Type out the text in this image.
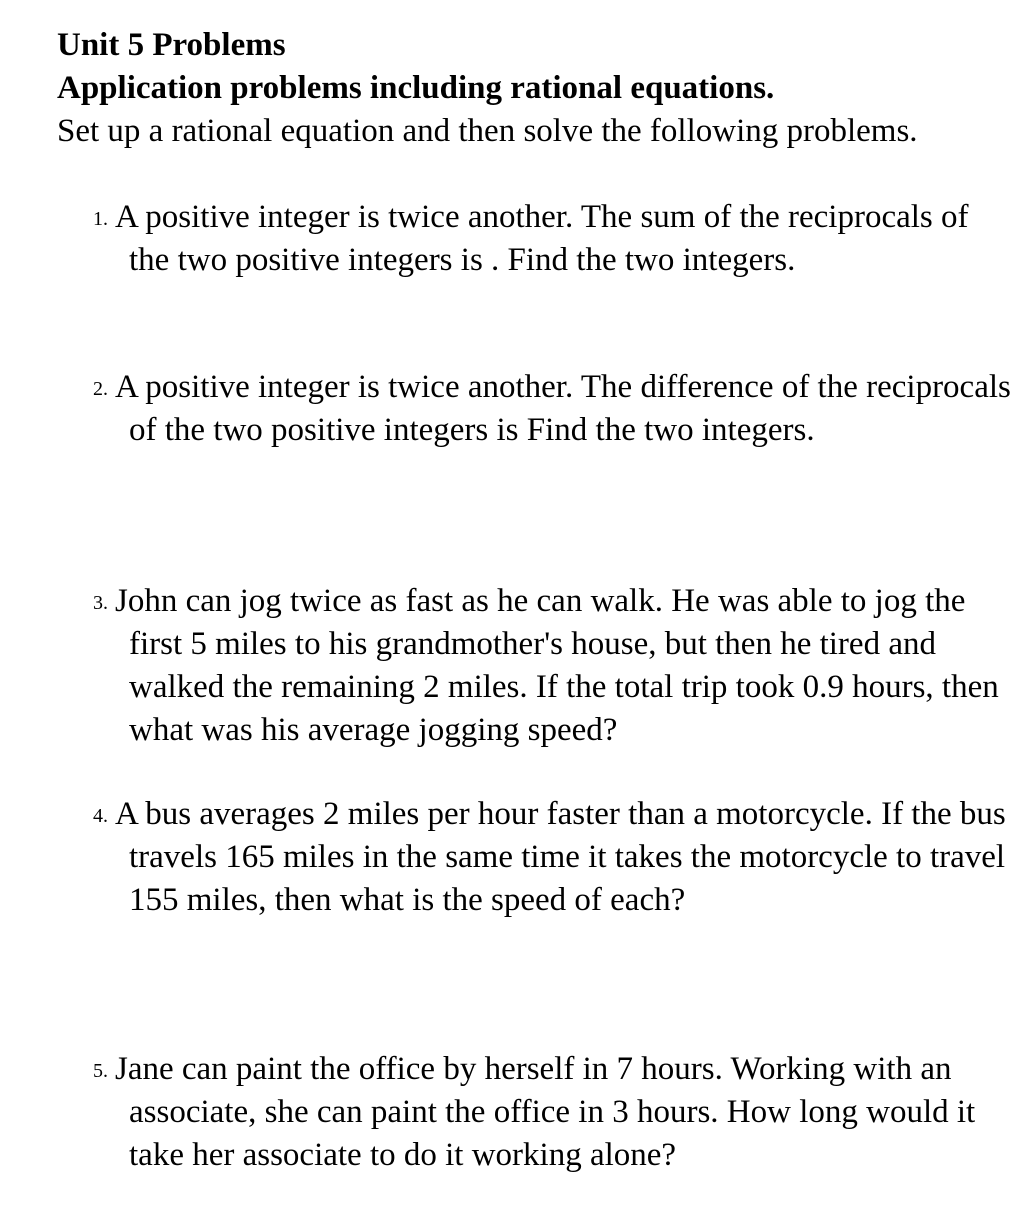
Unit 5 Problems

Application problems including rational equations.

Set up a rational equation and then solve the following problems.

1. A positive integer is twice another. The sum of the reciprocals of the two positive integers is . Find the two integers.
2. A positive integer is twice another. The difference of the reciprocals of the two positive integers is Find the two integers.
3. John can jog twice as fast as he can walk. He was able to jog the first 5 miles to his grandmother's house, but then he tired and walked the remaining 2 miles. If the total trip took 0.9 hours, then what was his average jogging speed?
4. A bus averages 2 miles per hour faster than a motorcycle. If the bus travels 165 miles in the same time it takes the motorcycle to travel 155 miles, then what is the speed of each?
5. Jane can paint the office by herself in 7 hours. Working with an associate, she can paint the office in 3 hours. How long would it take her associate to do it working alone?
